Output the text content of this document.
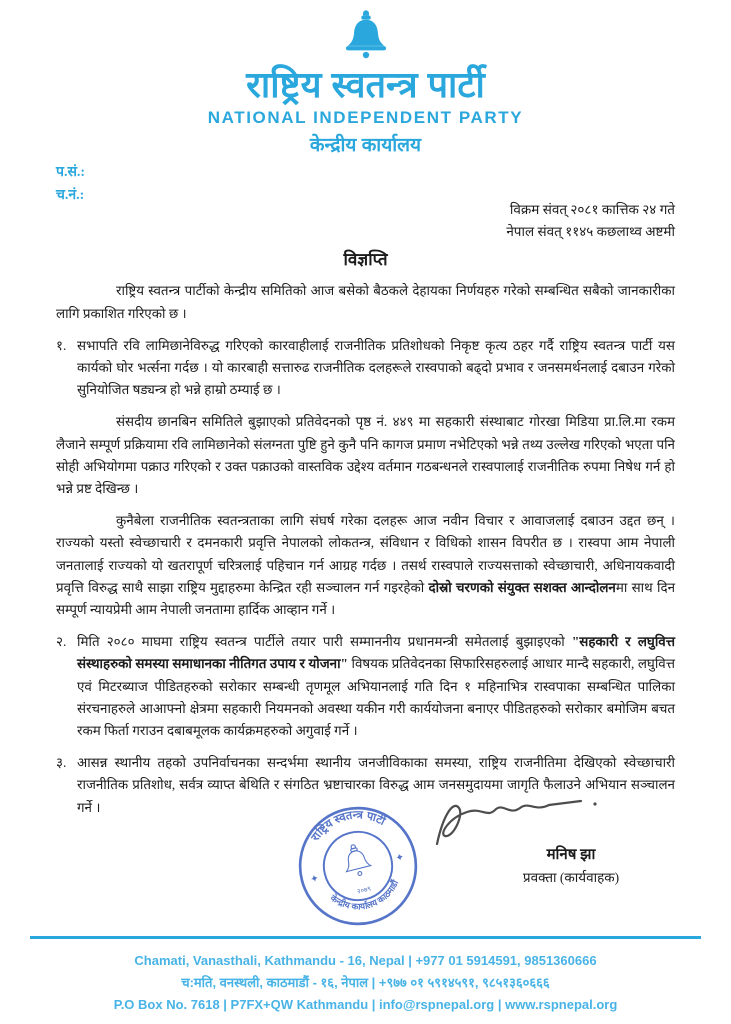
राष्ट्रिय स्वतन्त्र पार्टी
NATIONAL INDEPENDENT PARTY
केन्द्रीय कार्यालय
प.सं.:
च.नं.:
विक्रम संवत् २०८१ कात्तिक २४ गते
नेपाल संवत् ११४५ कछलाथ्व अष्टमी
विज्ञप्ति

राष्ट्रिय स्वतन्त्र पार्टीको केन्द्रीय समितिको आज बसेको बैठकले देहायका निर्णयहरु गरेको सम्बन्धित सबैको जानकारीका लागि प्रकाशित गरिएको छ ।

१. सभापति रवि लामिछानेविरुद्ध गरिएको कारवाहीलाई राजनीतिक प्रतिशोधको निकृष्ट कृत्य ठहर गर्दै राष्ट्रिय स्वतन्त्र पार्टी यस कार्यको घोर भर्त्सना गर्दछ । यो कारबाही सत्तारुढ राजनीतिक दलहरूले रास्वपाको बढ्दो प्रभाव र जनसमर्थनलाई दबाउन गरेको सुनियोजित षड्यन्त्र हो भन्ने हाम्रो ठम्याई छ ।

संसदीय छानबिन समितिले बुझाएको प्रतिवेदनको पृष्ठ नं. ४४९ मा सहकारी संस्थाबाट गोरखा मिडिया प्रा.लि.मा रकम लैजाने सम्पूर्ण प्रक्रियामा रवि लामिछानेको संलग्नता पुष्टि हुने कुनै पनि कागज प्रमाण नभेटिएको भन्ने तथ्य उल्लेख गरिएको भएता पनि सोही अभियोगमा पक्राउ गरिएको र उक्त पक्राउको वास्तविक उद्देश्य वर्तमान गठबन्धनले रास्वपालाई राजनीतिक रुपमा निषेध गर्न हो भन्ने प्रष्ट देखिन्छ ।

कुनैबेला राजनीतिक स्वतन्त्रताका लागि संघर्ष गरेका दलहरू आज नवीन विचार र आवाजलाई दबाउन उद्दत छन् । राज्यको यस्तो स्वेच्छाचारी र दमनकारी प्रवृत्ति नेपालको लोकतन्त्र, संविधान र विधिको शासन विपरीत छ । रास्वपा आम नेपाली जनतालाई राज्यको यो खतरापूर्ण चरित्रलाई पहिचान गर्न आग्रह गर्दछ । तसर्थ रास्वपाले राज्यसत्ताको स्वेच्छाचारी, अधिनायकवादी प्रवृत्ति विरुद्ध साथै साझा राष्ट्रिय मुद्दाहरुमा केन्द्रित रही सञ्चालन गर्न गइरहेको दोस्रो चरणको संयुक्त सशक्त आन्दोलनमा साथ दिन सम्पूर्ण न्यायप्रेमी आम नेपाली जनतामा हार्दिक आव्हान गर्ने ।

२. मिति २०८० माघमा राष्ट्रिय स्वतन्त्र पार्टीले तयार पारी सम्माननीय प्रधानमन्त्री समेतलाई बुझाइएको "सहकारी र लघुवित्त संस्थाहरुको समस्या समाधानका नीतिगत उपाय र योजना" विषयक प्रतिवेदनका सिफारिसहरुलाई आधार मान्दै सहकारी, लघुवित्त एवं मिटरब्याज पीडितहरुको सरोकार सम्बन्धी तृणमूल अभियानलाई गति दिन १ महिनाभित्र रास्वपाका सम्बन्धित पालिका संरचनाहरुले आआफ्नो क्षेत्रमा सहकारी नियमनको अवस्था यकीन गरी कार्ययोजना बनाएर पीडितहरुको सरोकार बमोजिम बचत रकम फिर्ता गराउन दबाबमूलक कार्यक्रमहरुको अगुवाई गर्ने ।
३. आसन्न स्थानीय तहको उपनिर्वाचनका सन्दर्भमा स्थानीय जनजीविकाका समस्या, राष्ट्रिय राजनीतिमा देखिएको स्वेच्छाचारी राजनीतिक प्रतिशोध, सर्वत्र व्याप्त बेथिति र संगठित भ्रष्टाचारका विरुद्ध आम जनसमुदायमा जागृति फैलाउने अभियान सञ्चालन गर्ने ।
राष्ट्रिय स्वतन्त्र पार्टी
केन्द्रीय कार्यालय काठमाडौं
✦
✦
२०७९
मनिष झा
प्रवक्ता (कार्यवाहक)
Chamati, Vanasthali, Kathmandu - 16, Nepal | +977 01 5914591, 9851360666
च:मति, वनस्थली, काठमाडौं - १६, नेपाल | +९७७ ०१ ५९१४५९१, ९८५१३६०६६६
P.O Box No. 7618 | P7FX+QW Kathmandu | info@rspnepal.org | www.rspnepal.org
